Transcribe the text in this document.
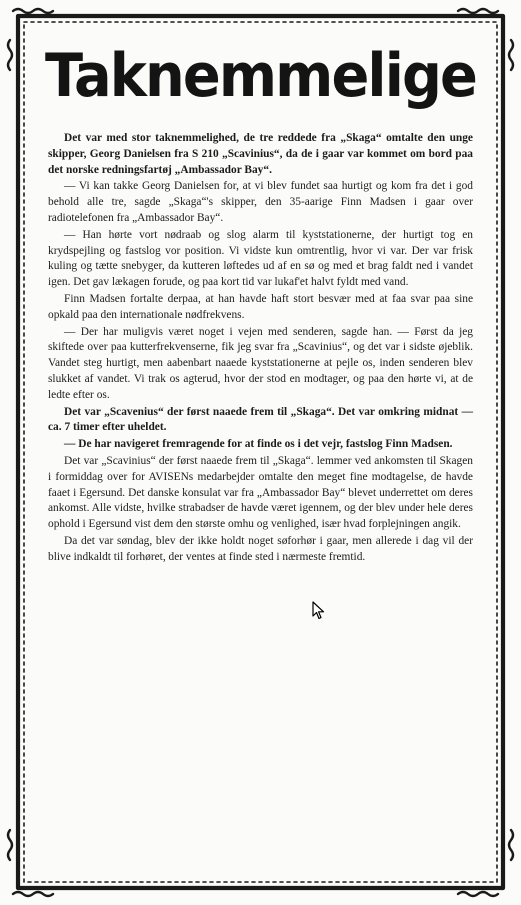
Taknemmelige

Det var med stor taknemmelighed, de tre reddede fra „Skaga“ omtalte den unge skipper, Georg Danielsen fra S 210 „Scavinius“, da de i gaar var kommet om bord paa det norske redningsfartøj „Ambassador Bay“.

— Vi kan takke Georg Danielsen for, at vi blev fundet saa hurtigt og kom fra det i god behold alle tre, sagde „Skaga“'s skipper, den 35-aarige Finn Madsen i gaar over radiotelefonen fra „Ambassador Bay“.

— Han hørte vort nødraab og slog alarm til kyststationerne, der hurtigt tog en krydspejling og fastslog vor position. Vi vidste kun omtrentlig, hvor vi var. Der var frisk kuling og tætte snebyger, da kutteren løftedes ud af en sø og med et brag faldt ned i vandet igen. Det gav lækagen forude, og paa kort tid var lukaf'et halvt fyldt med vand.

Finn Madsen fortalte derpaa, at han havde haft stort besvær med at faa svar paa sine opkald paa den internationale nødfrekvens.

— Der har muligvis været noget i vejen med senderen, sagde han. — Først da jeg skiftede over paa kutterfrekvenserne, fik jeg svar fra „Scavinius“, og det var i sidste øjeblik. Vandet steg hurtigt, men aabenbart naaede kyststationerne at pejle os, inden senderen blev slukket af vandet. Vi trak os agterud, hvor der stod en modtager, og paa den hørte vi, at de ledte efter os.

Det var „Scavenius“ der først naaede frem til „Skaga“. Det var omkring midnat — ca. 7 timer efter uheldet.

— De har navigeret fremragende for at finde os i det vejr, fastslog Finn Madsen.

Det var „Scavinius“ der først naaede frem til „Skaga“. lemmer ved ankomsten til Skagen i formiddag over for AVISENs medarbejder omtalte den meget fine modtagelse, de havde faaet i Egersund. Det danske konsulat var fra „Ambassador Bay“ blevet underrettet om deres ankomst. Alle vidste, hvilke strabadser de havde været igennem, og der blev under hele deres ophold i Egersund vist dem den største omhu og venlighed, især hvad forplejningen angik.

Da det var søndag, blev der ikke holdt noget søforhør i gaar, men allerede i dag vil der blive indkaldt til forhøret, der ventes at finde sted i nærmeste fremtid.
